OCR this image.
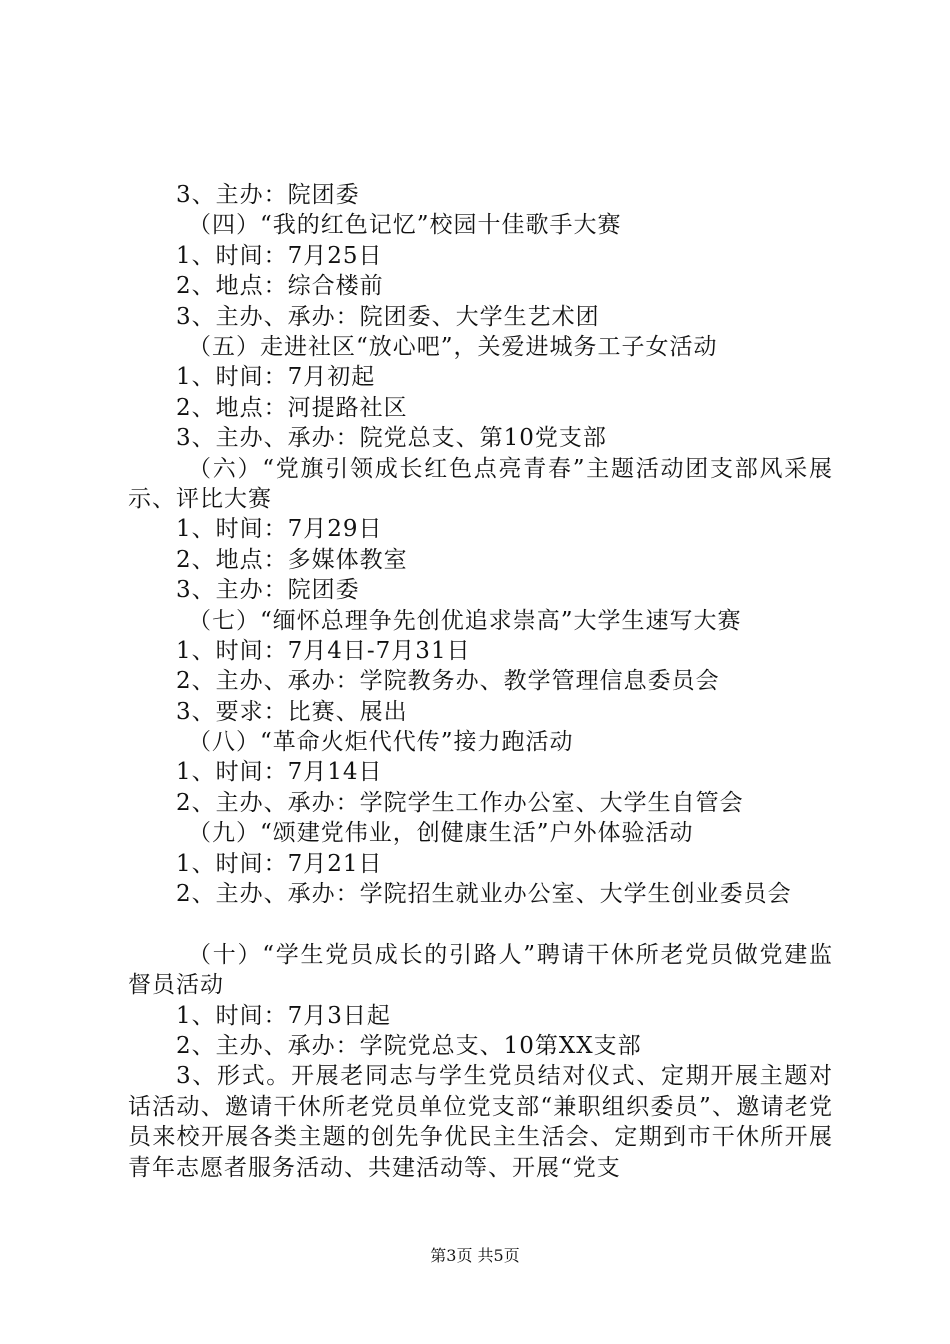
3、主办：院团委
（四）“我的红色记忆”校园十佳歌手大赛
1、时间：7月25日
2、地点：综合楼前
3、主办、承办：院团委、大学生艺术团
（五）走进社区“放心吧”，关爱进城务工子女活动
1、时间：7月初起
2、地点：河提路社区
3、主办、承办：院党总支、第10党支部
（六）“党旗引领成长红色点亮青春”主题活动团支部风采展示、评比大赛
1、时间：7月29日
2、地点：多媒体教室
3、主办：院团委
（七）“缅怀总理争先创优追求崇高”大学生速写大赛
1、时间：7月4日-7月31日
2、主办、承办：学院教务办、教学管理信息委员会
3、要求：比赛、展出
（八）“革命火炬代代传”接力跑活动
1、时间：7月14日
2、主办、承办：学院学生工作办公室、大学生自管会
（九）“颂建党伟业，创健康生活”户外体验活动
1、时间：7月21日
2、主办、承办：学院招生就业办公室、大学生创业委员会
（十）“学生党员成长的引路人”聘请干休所老党员做党建监督员活动
1、时间：7月3日起
2、主办、承办：学院党总支、10第XX支部
3、形式。开展老同志与学生党员结对仪式、定期开展主题对话活动、邀请干休所老党员单位党支部“兼职组织委员”、邀请老党员来校开展各类主题的创先争优民主生活会、定期到市干休所开展青年志愿者服务活动、共建活动等、开展“党支
第3页 共5页
